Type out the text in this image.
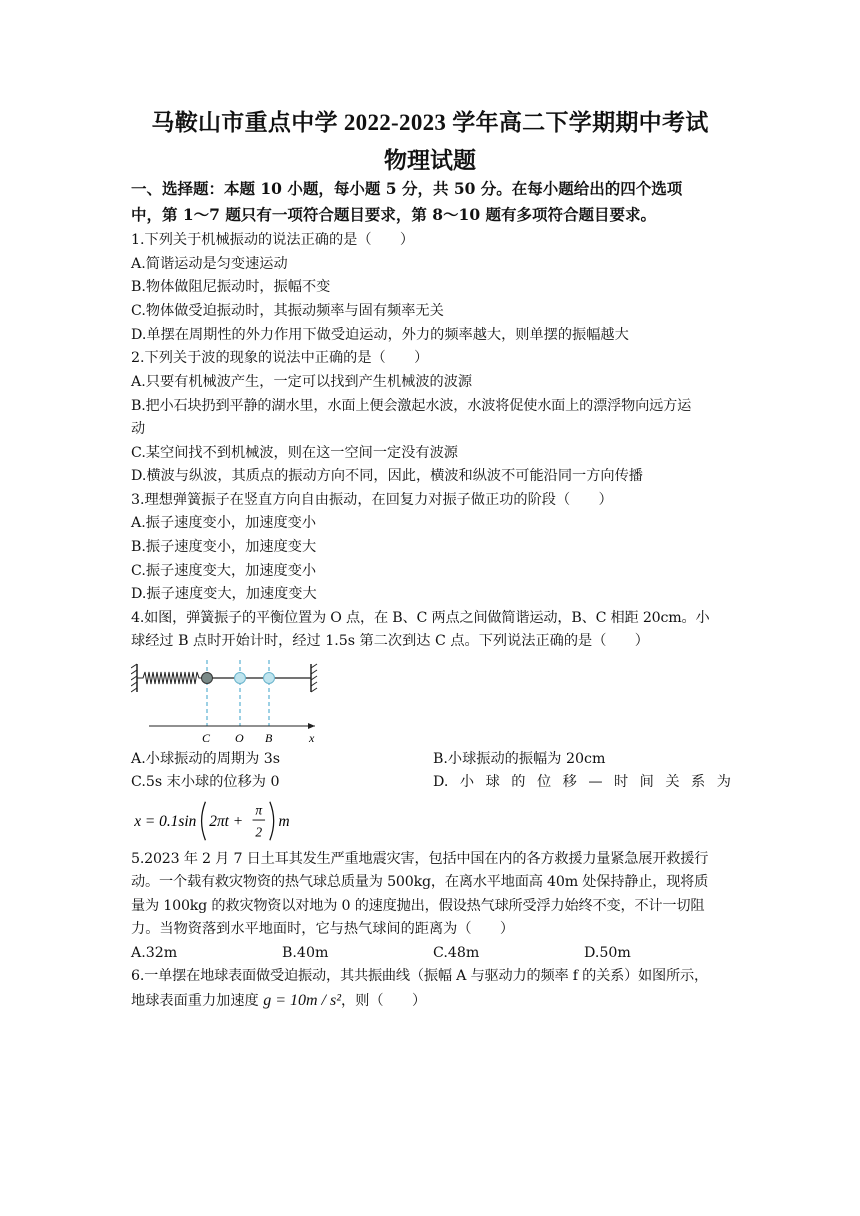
马鞍山市重点中学 2022-2023 学年高二下学期期中考试
物理试题
一、选择题：本题 10 小题，每小题 5 分，共 50 分。在每小题给出的四个选项
中，第 1～7 题只有一项符合题目要求，第 8～10 题有多项符合题目要求。
1.下列关于机械振动的说法正确的是（　　）
A.简谐运动是匀变速运动
B.物体做阻尼振动时，振幅不变
C.物体做受迫振动时，其振动频率与固有频率无关
D.单摆在周期性的外力作用下做受迫运动，外力的频率越大，则单摆的振幅越大
2.下列关于波的现象的说法中正确的是（　　）
A.只要有机械波产生，一定可以找到产生机械波的波源
B.把小石块扔到平静的湖水里，水面上便会激起水波，水波将促使水面上的漂浮物向远方运
动
C.某空间找不到机械波，则在这一空间一定没有波源
D.横波与纵波，其质点的振动方向不同，因此，横波和纵波不可能沿同一方向传播
3.理想弹簧振子在竖直方向自由振动，在回复力对振子做正功的阶段（　　）
A.振子速度变小，加速度变小
B.振子速度变小，加速度变大
C.振子速度变大，加速度变小
D.振子速度变大，加速度变大
4.如图，弹簧振子的平衡位置为 O 点，在 B、C 两点之间做简谐运动，B、C 相距 20cm。小
球经过 B 点时开始计时，经过 1.5s 第二次到达 C 点。下列说法正确的是（　　）
C O B	x
A.小球振动的周期为 3s	B.小球振动的振幅为 20cm
C.5s 末小球的位移为 0	D. 小 球 的 位 移 — 时 间 关 系 为
x = 0.1sin 2πt +
π
2
m
5.2023 年 2 月 7 日土耳其发生严重地震灾害，包括中国在内的各方救援力量紧急展开救援行
动。一个载有救灾物资的热气球总质量为 500kg，在离水平地面高 40m 处保持静止，现将质
量为 100kg 的救灾物资以对地为 0 的速度抛出，假设热气球所受浮力始终不变，不计一切阻
力。当物资落到水平地面时，它与热气球间的距离为（　　）
A.32m	B.40m	C.48m	D.50m
6.一单摆在地球表面做受迫振动，其共振曲线（振幅 A 与驱动力的频率 f 的关系）如图所示，
地球表面重力加速度 g = 10m / s²，则（　　）
